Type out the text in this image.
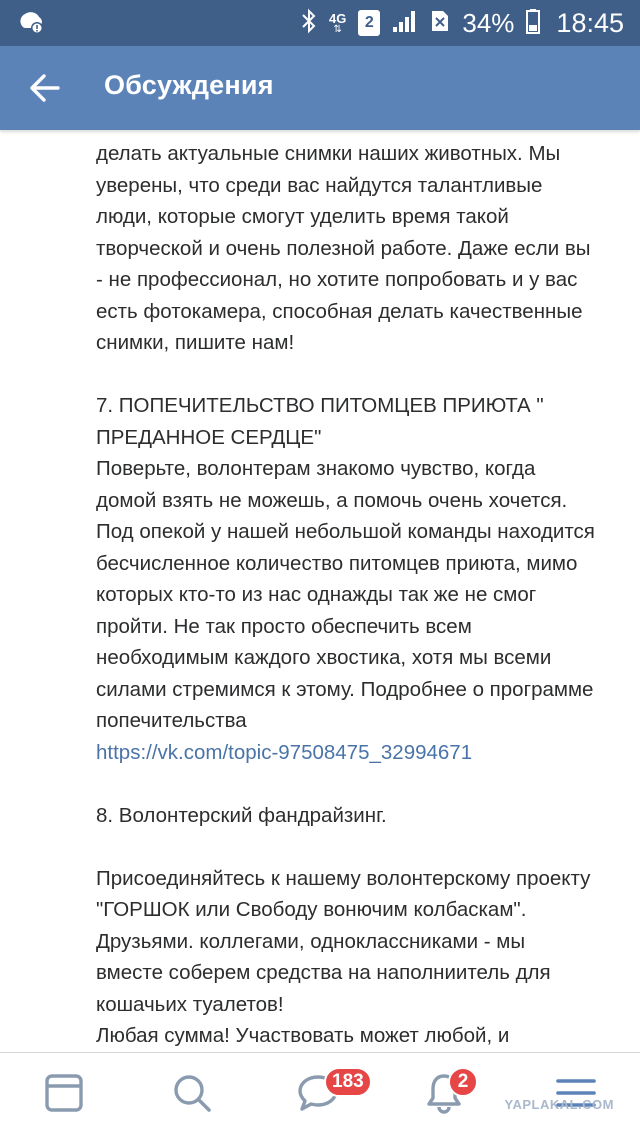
4G
⇅	2	34% 18:45
Обсуждения

делать актуальные снимки наших животных. Мы
уверены, что среди вас найдутся талантливые
люди, которые смогут уделить время такой
творческой и очень полезной работе. Даже если вы
- не профессионал, но хотите попробовать и у вас
есть фотокамера, способная делать качественные
снимки, пишите нам!

7. ПОПЕЧИТЕЛЬСТВО ПИТОМЦЕВ ПРИЮТА "
ПРЕДАННОЕ СЕРДЦЕ"
Поверьте, волонтерам знакомо чувство, когда
домой взять не можешь, а помочь очень хочется.
Под опекой у нашей небольшой команды находится
бесчисленное количество питомцев приюта, мимо
которых кто-то из нас однажды так же не смог
пройти. Не так просто обеспечить всем
необходимым каждого хвостика, хотя мы всеми
силами стремимся к этому. Подробнее о программе
попечительства

https://vk.com/topic-97508475_32994671

8. Волонтерский фандрайзинг.

Присоединяйтесь к нашему волонтерскому проекту
"ГОРШОК или Свободу вонючим колбаскам".
Друзьями. коллегами, одноклассниками - мы
вместе соберем средства на наполниитель для
кошачьих туалетов!
Любая сумма! Участвовать может любой, и

183	2
YAPLAKAL.COM
